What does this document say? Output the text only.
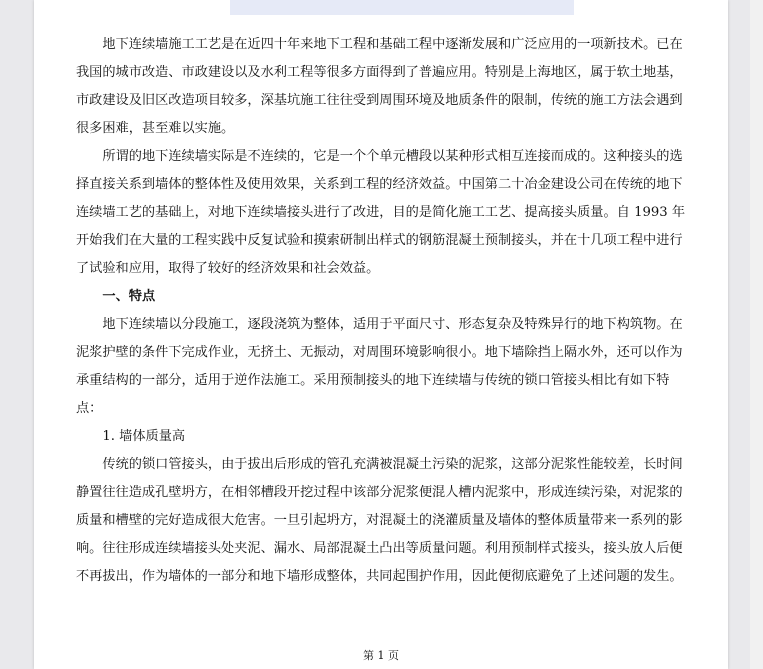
地下连续墙施工工艺是在近四十年来地下工程和基础工程中逐渐发展和广泛应用的一项新技术。已在我国的城市改造、市政建设以及水利工程等很多方面得到了普遍应用。特别是上海地区，属于软土地基，市政建设及旧区改造项目较多，深基坑施工往往受到周围环境及地质条件的限制，传统的施工方法会遇到很多困难，甚至难以实施。

所谓的地下连续墙实际是不连续的，它是一个个单元槽段以某种形式相互连接而成的。这种接头的选择直接关系到墙体的整体性及使用效果，关系到工程的经济效益。中国第二十冶金建设公司在传统的地下连续墙工艺的基础上，对地下连续墙接头进行了改进，目的是简化施工工艺、提高接头质量。自 1993 年开始我们在大量的工程实践中反复试验和摸索研制出样式的钢筋混凝土预制接头，并在十几项工程中进行了试验和应用，取得了较好的经济效果和社会效益。

一、特点

地下连续墙以分段施工，逐段浇筑为整体，适用于平面尺寸、形态复杂及特殊异行的地下构筑物。在泥浆护壁的条件下完成作业，无挤土、无振动，对周围环境影响很小。地下墙除挡上隔水外，还可以作为承重结构的一部分，适用于逆作法施工。采用预制接头的地下连续墙与传统的锁口管接头相比有如下特点：

1. 墙体质量高

传统的锁口管接头，由于拔出后形成的管孔充满被混凝土污染的泥浆，这部分泥浆性能较差，长时间静置往往造成孔壁坍方，在相邻槽段开挖过程中该部分泥浆便混人槽内泥浆中，形成连续污染，对泥浆的质量和槽壁的完好造成很大危害。一旦引起坍方，对混凝土的浇灌质量及墙体的整体质量带来一系列的影响。往往形成连续墙接头处夹泥、漏水、局部混凝土凸出等质量问题。利用预制样式接头，接头放人后便不再拔出，作为墙体的一部分和地下墙形成整体，共同起围护作用，因此便彻底避免了上述问题的发生。

第 1 页
